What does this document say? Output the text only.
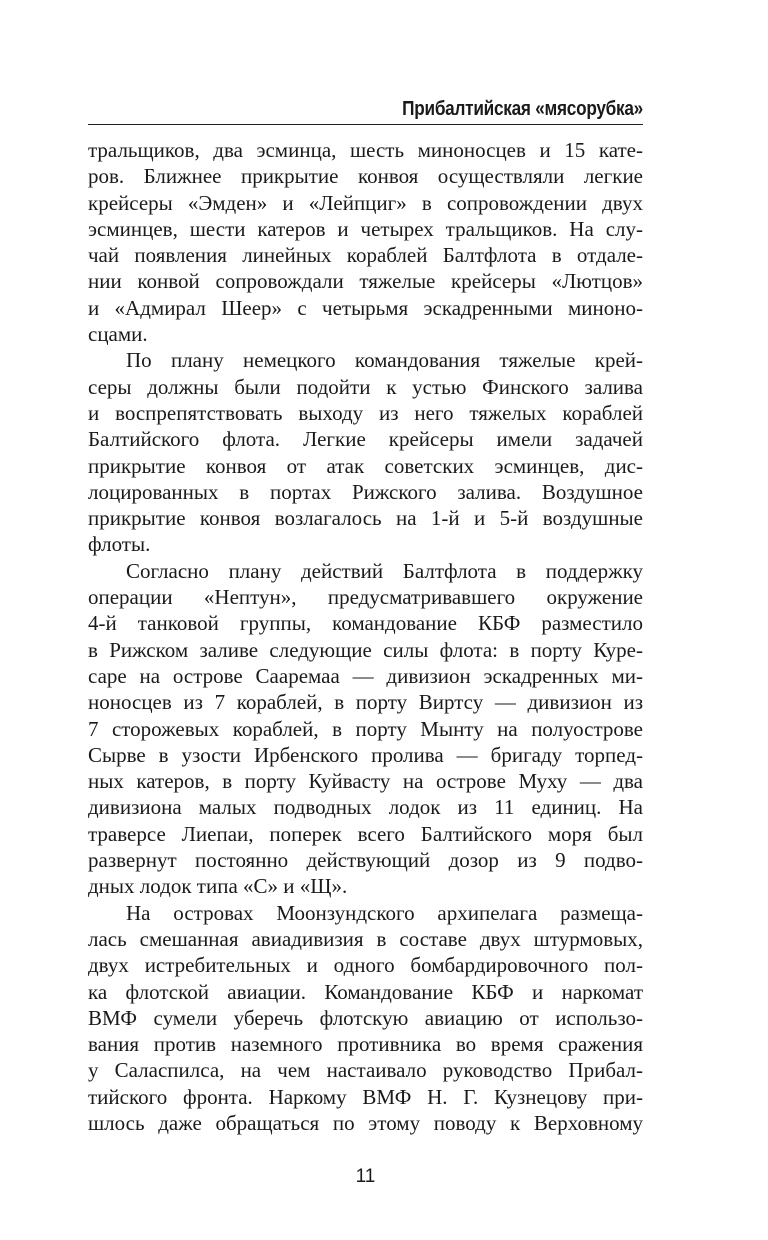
Прибалтийская «мясорубка»
тральщиков, два эсминца, шесть миноносцев и 15 кате-
ров. Ближнее прикрытие конвоя осуществляли легкие
крейсеры «Эмден» и «Лейпциг» в сопровождении двух
эсминцев, шести катеров и четырех тральщиков. На слу-
чай появления линейных кораблей Балтфлота в отдале-
нии конвой сопровождали тяжелые крейсеры «Лютцов»
и «Адмирал Шеер» с четырьмя эскадренными миноно-
сцами.
По плану немецкого командования тяжелые крей-
серы должны были подойти к устью Финского залива
и воспрепятствовать выходу из него тяжелых кораблей
Балтийского флота. Легкие крейсеры имели задачей
прикрытие конвоя от атак советских эсминцев, дис-
лоцированных в портах Рижского залива. Воздушное
прикрытие конвоя возлагалось на 1-й и 5-й воздушные
флоты.
Согласно плану действий Балтфлота в поддержку
операции «Нептун», предусматривавшего окружение
4-й танковой группы, командование КБФ разместило
в Рижском заливе следующие силы флота: в порту Куре-
саре на острове Сааремаа — дивизион эскадренных ми-
ноносцев из 7 кораблей, в порту Виртсу — дивизион из
7 сторожевых кораблей, в порту Мынту на полуострове
Сырве в узости Ирбенского пролива — бригаду торпед-
ных катеров, в порту Куйвасту на острове Муху — два
дивизиона малых подводных лодок из 11 единиц. На
траверсе Лиепаи, поперек всего Балтийского моря был
развернут постоянно действующий дозор из 9 подво-
дных лодок типа «С» и «Щ».
На островах Моонзундского архипелага размеща-
лась смешанная авиадивизия в составе двух штурмовых,
двух истребительных и одного бомбардировочного пол-
ка флотской авиации. Командование КБФ и наркомат
ВМФ сумели уберечь флотскую авиацию от использо-
вания против наземного противника во время сражения
у Саласпилса, на чем настаивало руководство Прибал-
тийского фронта. Наркому ВМФ Н. Г. Кузнецову при-
шлось даже обращаться по этому поводу к Верховному
11
